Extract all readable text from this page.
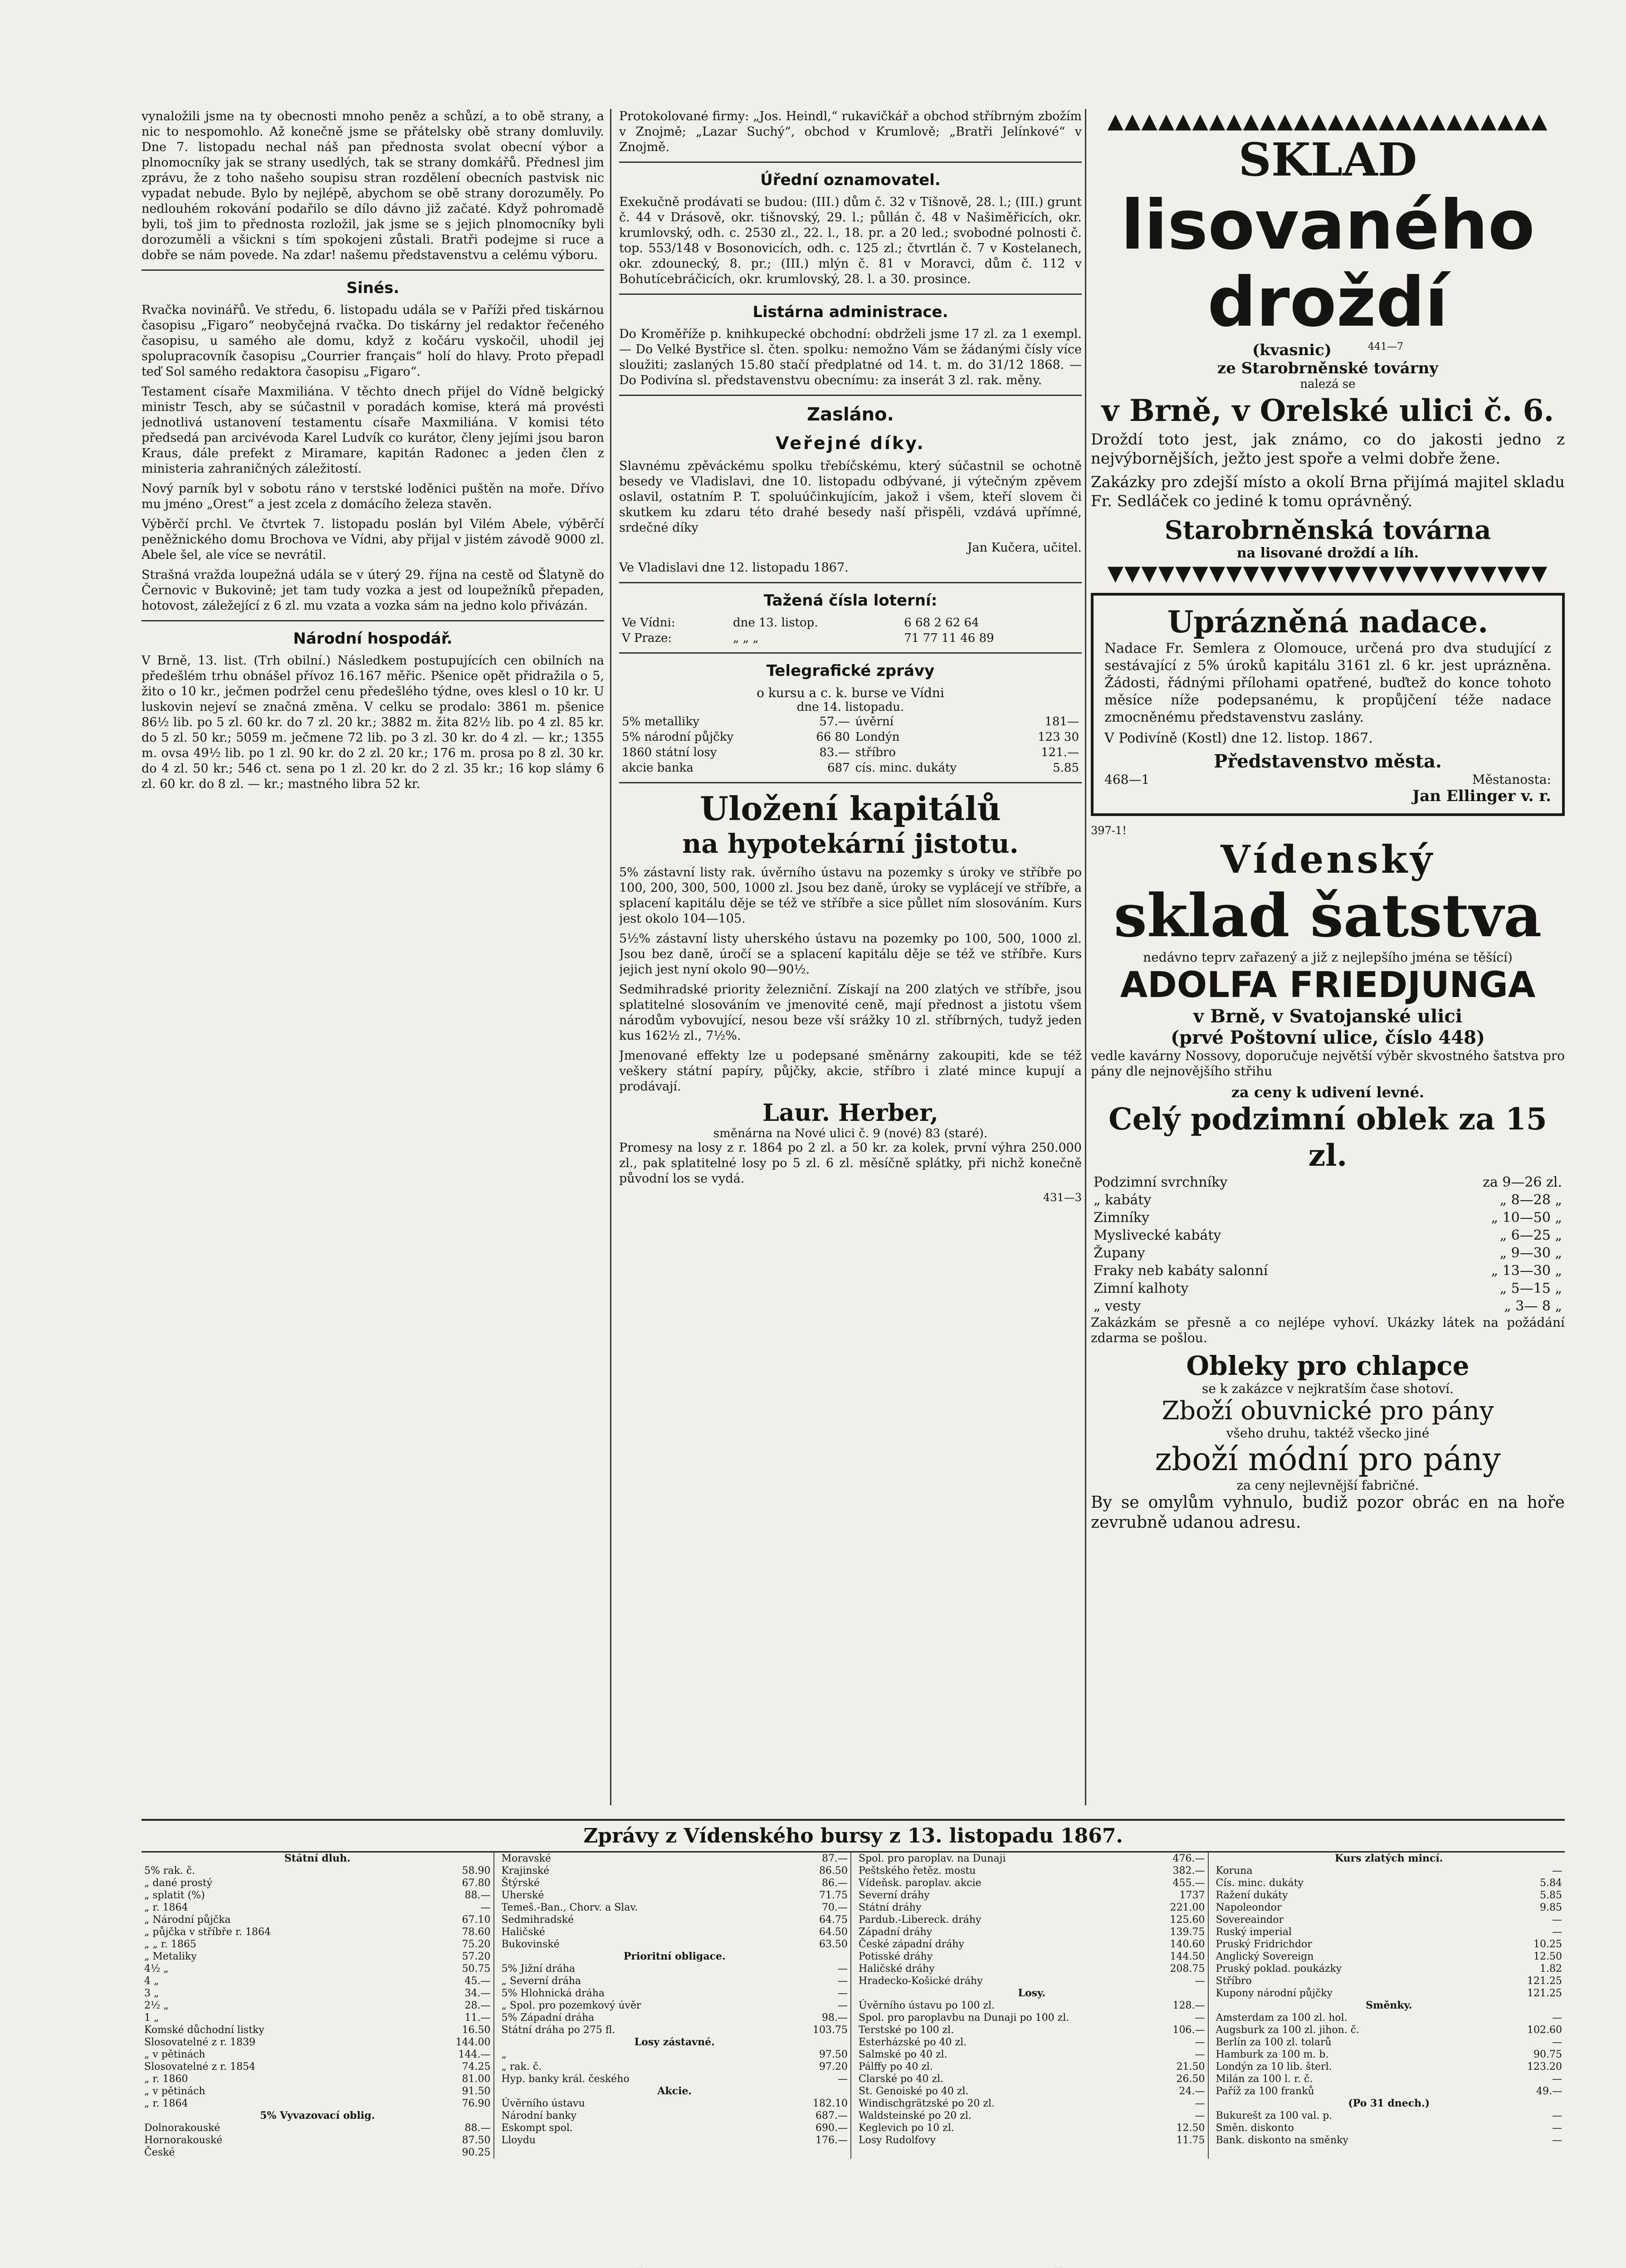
vynaložili jsme na ty obecnosti mnoho peněz a schůzí, a to obě strany, a nic to nespomohlo. Až konečně jsme se přátelsky obě strany domluvily. Dne 7. listopadu nechal náš pan přednosta svolat obecní výbor a plnomocníky jak se strany usedlých, tak se strany domkářů. Přednesl jim zprávu, že z toho našeho soupisu stran rozdělení obecních pastvisk nic vypadat nebude. Bylo by nejlépě, abychom se obě strany dorozuměly. Po nedlouhém rokování podařilo se dílo dávno již začaté. Když pohromadě byli, toš jim to přednosta rozložil, jak jsme se s jejich plnomocníky byli dorozuměli a všickni s tím spokojeni zůstali. Bratři podejme si ruce a dobře se nám povede. Na zdar! našemu představenstvu a celému výboru.

Sinés.

Rvačka novinářů. Ve středu, 6. listopadu udála se v Paříži před tiskárnou časopisu „Figaro“ neobyčejná rvačka. Do tiskárny jel redaktor řečeného časopisu, u samého ale domu, když z kočáru vyskočil, uhodil jej spolupracovník časopisu „Courrier français“ holí do hlavy. Proto přepadl teď Sol samého redaktora časopisu „Figaro“.

Testament císaře Maxmiliána. V těchto dnech přijel do Vídně belgický ministr Tesch, aby se súčastnil v poradách komise, která má provésti jednotlivá ustanovení testamentu císaře Maxmiliána. V komisi této předsedá pan arcivévoda Karel Ludvík co kurátor, členy jejími jsou baron Kraus, dále prefekt z Miramare, kapitán Radonec a jeden člen z ministeria zahraničných záležitostí.

Nový parník byl v sobotu ráno v terstské loděnici puštěn na moře. Dřívo mu jméno „Orest“ a jest zcela z domácího železa stavěn.

Výběrčí prchl. Ve čtvrtek 7. listopadu poslán byl Vilém Abele, výběrčí peněžnického domu Brochova ve Vídni, aby přijal v jistém závodě 9000 zl. Abele šel, ale více se nevrátil.

Strašná vražda loupežná udála se v úterý 29. října na cestě od Šlatyně do Černovic v Bukovině; jet tam tudy vozka a jest od loupežníků přepaden, hotovost, záležející z 6 zl. mu vzata a vozka sám na jedno kolo přivázán.

Národní hospodář.

V Brně, 13. list. (Trh obilní.) Následkem postupujících cen obilních na předešlém trhu obnášel přívoz 16.167 měřic. Pšenice opět přidražila o 5, žito o 10 kr., ječmen podržel cenu předešlého týdne, oves klesl o 10 kr. U luskovin nejeví se značná změna. V celku se prodalo: 3861 m. pšenice 86½ lib. po 5 zl. 60 kr. do 7 zl. 20 kr.; 3882 m. žita 82½ lib. po 4 zl. 85 kr. do 5 zl. 50 kr.; 5059 m. ječmene 72 lib. po 3 zl. 30 kr. do 4 zl. — kr.; 1355 m. ovsa 49½ lib. po 1 zl. 90 kr. do 2 zl. 20 kr.; 176 m. prosa po 8 zl. 30 kr. do 4 zl. 50 kr.; 546 ct. sena po 1 zl. 20 kr. do 2 zl. 35 kr.; 16 kop slámy 6 zl. 60 kr. do 8 zl. — kr.; mastného libra 52 kr.

Protokolované firmy: „Jos. Heindl,“ rukavičkář a obchod stříbrným zbožím v Znojmě; „Lazar Suchý“, obchod v Krumlově; „Bratři Jelínkové“ v Znojmě.

Úřední oznamovatel.

Exekučně prodávati se budou: (III.) dům č. 32 v Tišnově, 28. l.; (III.) grunt č. 44 v Drásově, okr. tišnovský, 29. l.; půllán č. 48 v Našiměřicích, okr. krumlovský, odh. c. 2530 zl., 22. l., 18. pr. a 20 led.; svobodné polnosti č. top. 553/148 v Bosonovicích, odh. c. 125 zl.; čtvrtlán č. 7 v Kostelanech, okr. zdounecký, 8. pr.; (III.) mlýn č. 81 v Moravci, dům č. 112 v Bohutícebráčicích, okr. krumlovský, 28. l. a 30. prosince.

Listárna administrace.

Do Kroměříže p. knihkupecké obchodní: obdrželi jsme 17 zl. za 1 exempl. — Do Velké Bystřice sl. čten. spolku: nemožno Vám se žádanými čísly více sloužiti; zaslaných 15.80 stačí předplatné od 14. t. m. do 31/12 1868. — Do Podivína sl. představenstvu obecnímu: za inserát 3 zl. rak. měny.

Zasláno.
Veřejné díky.

Slavnému zpěváckému spolku třebíčskému, který súčastnil se ochotně besedy ve Vladislavi, dne 10. listopadu odbývané, ji výtečným zpěvem oslavil, ostatním P. T. spoluúčinkujícím, jakož i všem, kteří slovem či skutkem ku zdaru této drahé besedy naší přispěli, vzdává upřímné, srdečné díky

Jan Kučera, učitel.

Ve Vladislavi dne 12. listopadu 1867.

Tažená čísla loterní:
Ve Vídni:	dne 13. listop.	6 68 2 62 64
V Praze:	„ „ „	71 77 11 46 89
Telegrafické zprávy
o kursu a c. k. burse ve Vídni
dne 14. listopadu.
5% metalliky	57.—	úvěrní	181—
5% národní půjčky	66 80	Londýn	123 30
1860 státní losy	83.—	stříbro	121.—
akcie banka	687	cís. minc. dukáty	5.85
Uložení kapitálů
na hypotekární jistotu.

5% zástavní listy rak. úvěrního ústavu na pozemky s úroky ve stříbře po 100, 200, 300, 500, 1000 zl. Jsou bez daně, úroky se vyplácejí ve stříbře, a splacení kapitálu děje se též ve stříbře a sice půllet ním slosováním. Kurs jest okolo 104—105.

5½% zástavní listy uherského ústavu na pozemky po 100, 500, 1000 zl. Jsou bez daně, úročí se a splacení kapitálu děje se též ve stříbře. Kurs jejich jest nyní okolo 90—90½.

Sedmihradské priority železniční. Získají na 200 zlatých ve stříbře, jsou splatitelné slosováním ve jmenovité ceně, mají přednost a jistotu všem národům vybovující, nesou beze vší srážky 10 zl. stříbrných, tudyž jeden kus 162½ zl., 7½%.

Jmenované effekty lze u podepsané směnárny zakoupiti, kde se též veškery státní papíry, půjčky, akcie, stříbro i zlaté mince kupují a prodávají.

Laur. Herber,
směnárna na Nové ulici č. 9 (nové) 83 (staré).

Promesy na losy z r. 1864 po 2 zl. a 50 kr. za kolek, první výhra 250.000 zl., pak splatitelné losy po 5 zl. 6 zl. měsíčně splátky, při nichž konečně původní los se vydá.

431—3
▲▲▲▲▲▲▲▲▲▲▲▲▲▲▲▲▲▲▲▲▲▲▲▲▲▲
SKLAD
lisovaného
droždí
(kvasnic)	441—7
ze Starobrněnské továrny
nalezá se
v Brně, v Orelské ulici č. 6.

Droždí toto jest, jak známo, co do jakosti jedno z nejvýbornějších, ježto jest spoře a velmi dobře žene.

Zakázky pro zdejší místo a okolí Brna přijímá majitel skladu Fr. Sedláček co jediné k tomu oprávněný.

Starobrněnská továrna
na lisované droždí a líh.
▼▼▼▼▼▼▼▼▼▼▼▼▼▼▼▼▼▼▼▼▼▼▼▼▼▼
Uprázněná nadace.

Nadace Fr. Semlera z Olomouce, určená pro dva studující z sestávající z 5% úroků kapitálu 3161 zl. 6 kr. jest uprázněna. Žádosti, řádnými přílohami opatřené, buďtež do konce tohoto měsíce níže podepsanému, k propůjčení téže nadace zmocněnému představenstvu zaslány.

V Podivíně (Kostl) dne 12. listop. 1867.

Představenstvo města.
468—1	Městanosta:
Jan Ellinger v. r.
397-1!
Vídenský
sklad šatstva
nedávno teprv zařazený a již z nejlepšího jména se těšící)
ADOLFA FRIEDJUNGA
v Brně, v Svatojanské ulici
(prvé Poštovní ulice, číslo 448)

vedle kavárny Nossovy, doporučuje největší výběr skvostného šatstva pro pány dle nejnovějšího střihu

za ceny k udivení levné.
Celý podzimní oblek za 15 zl.
Podzimní svrchníky	za 9—26 zl.
„ kabáty	„ 8—28 „
Zimníky	„ 10—50 „
Myslivecké kabáty	„ 6—25 „
Župany	„ 9—30 „
Fraky neb kabáty salonní	„ 13—30 „
Zimní kalhoty	„ 5—15 „
„ vesty	„ 3— 8 „

Zakázkám se přesně a co nejlépe vyhoví. Ukázky látek na požádání zdarma se pošlou.

Obleky pro chlapce
se k zakázce v nejkratším čase shotoví.
Zboží obuvnické pro pány
všeho druhu, taktéž všecko jiné
zboží módní pro pány
za ceny nejlevnější fabričné.

By se omylům vyhnulo, budiž pozor obrác en na hoře zevrubně udanou adresu.

Zprávy z Vídenského bursy z 13. listopadu 1867.
Státní dluh.
5% rak. č.	58.90
„ dané prostý	67.80
„ splatit (%)	88.—
„ r. 1864	—
„ Národní půjčka	67.10
„ půjčka v stříbře r. 1864	78.60
„ „ r. 1865	75.20
„ Metaliky	57.20
4½ „	50.75
4 „	45.—
3 „	34.—
2½ „	28.—
1 „	11.—
Komské důchodní listky	16.50
Slosovatelné z r. 1839	144.00
„ v pětinách	144.—
Slosovatelné z r. 1854	74.25
„ r. 1860	81.00
„ v pětinách	91.50
„ r. 1864	76.90
5% Vyvazovací oblig.
Dolnorakouské	88.—
Hornorakouské	87.50
České	90.25
Moravské	87.—
Krajinské	86.50
Štýrské	86.—
Uherské	71.75
Temeš.-Ban., Chorv. a Slav.	70.—
Sedmihradské	64.75
Haličské	64.50
Bukovinské	63.50
Prioritní obligace.
5% Jižní dráha	—
„ Severní dráha	—
5% Hlohnická dráha	—
„ Spol. pro pozemkový úvěr	—
5% Západní dráha	98.—
Státní dráha po 275 fl.	103.75
Losy zástavné.
„	97.50
„ rak. č.	97.20
Hyp. banky král. českého	—
Akcie.
Úvěrního ústavu	182.10
Národní banky	687.—
Eskompt spol.	690.—
Lloydu	176.—
Spol. pro paroplav. na Dunaji	476.—
Peštského řetěz. mostu	382.—
Vídeňsk. paroplav. akcie	455.—
Severní dráhy	1737
Státní dráhy	221.00
Pardub.-Libereck. dráhy	125.60
Západní dráhy	139.75
České západní dráhy	140.60
Potisské dráhy	144.50
Haličské dráhy	208.75
Hradecko-Košické dráhy	—
Losy.
Úvěrního ústavu po 100 zl.	128.—
Spol. pro paroplavbu na Dunaji po 100 zl.	—
Terstské po 100 zl.	106.—
Esterházské po 40 zl.	—
Salmské po 40 zl.	—
Pálffy po 40 zl.	21.50
Clarské po 40 zl.	26.50
St. Genoiské po 40 zl.	24.—
Windischgrätzské po 20 zl.	—
Waldsteinské po 20 zl.	—
Keglevich po 10 zl.	12.50
Losy Rudolfovy	11.75
Kurs zlatých mincí.
Koruna	—
Cís. minc. dukáty	5.84
Ražení dukáty	5.85
Napoleondor	9.85
Sovereaindor	—
Ruský imperial	—
Pruský Fridrichdor	10.25
Anglický Sovereign	12.50
Pruský poklad. poukázky	1.82
Stříbro	121.25
Kupony národní půjčky	121.25
Směnky.
Amsterdam za 100 zl. hol.	—
Augsburk za 100 zl. jihon. č.	102.60
Berlín za 100 zl. tolarů	—
Hamburk za 100 m. b.	90.75
Londýn za 10 lib. šterl.	123.20
Milán za 100 l. r. č.	—
Paříž za 100 franků	49.—
(Po 31 dnech.)
Bukurešt za 100 val. p.	—
Směn. diskonto	—
Bank. diskonto na směnky	—
